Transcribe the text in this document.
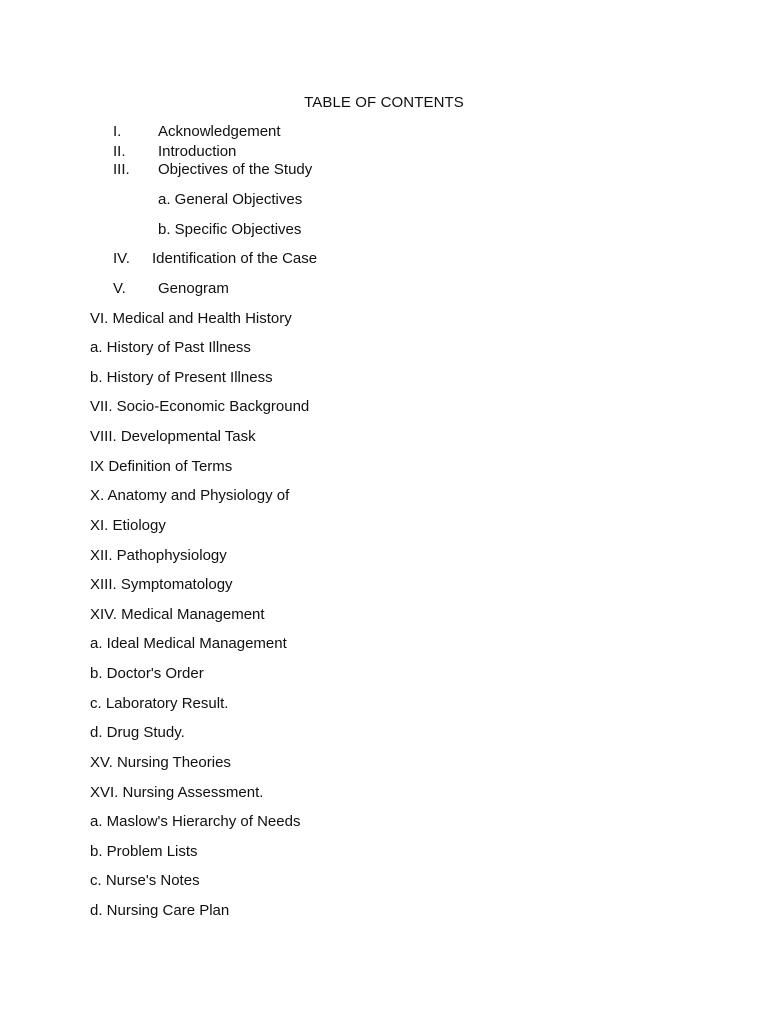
TABLE OF CONTENTS
I. Acknowledgement
II. Introduction
III. Objectives of the Study
a. General Objectives
b. Specific Objectives
IV. Identification of the Case
V. Genogram
VI. Medical and Health History
a. History of Past Illness
b. History of Present Illness
VII. Socio-Economic Background
VIII. Developmental Task
IX Definition of Terms
X. Anatomy and Physiology of
XI. Etiology
XII. Pathophysiology
XIII. Symptomatology
XIV. Medical Management
a. Ideal Medical Management
b. Doctor's Order
c. Laboratory Result.
d. Drug Study.
XV. Nursing Theories
XVI. Nursing Assessment.
a. Maslow's Hierarchy of Needs
b. Problem Lists
c. Nurse's Notes
d. Nursing Care Plan
